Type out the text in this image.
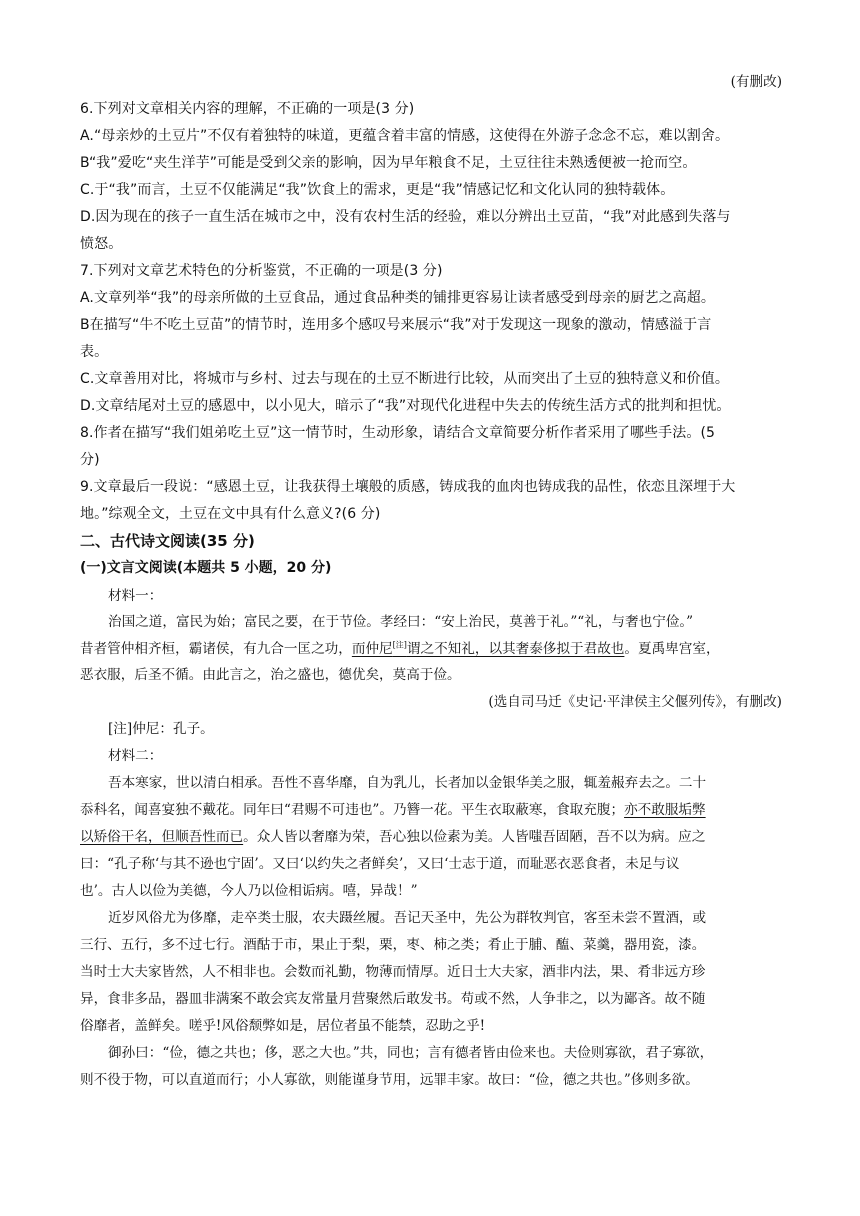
(有删改)
6.下列对文章相关内容的理解，不正确的一项是(3 分)
A.“母亲炒的土豆片”不仅有着独特的味道，更蕴含着丰富的情感，这使得在外游子念念不忘，难以割舍。
B“我”爱吃“夹生洋芋”可能是受到父亲的影响，因为早年粮食不足，土豆往往未熟透便被一抢而空。
C.于“我”而言，土豆不仅能满足“我”饮食上的需求，更是“我”情感记忆和文化认同的独特载体。
D.因为现在的孩子一直生活在城市之中，没有农村生活的经验，难以分辨出土豆苗，“我”对此感到失落与
愤怒。
7.下列对文章艺术特色的分析鉴赏，不正确的一项是(3 分)
A.文章列举“我”的母亲所做的土豆食品，通过食品种类的铺排更容易让读者感受到母亲的厨艺之高超。
B在描写“牛不吃土豆苗”的情节时，连用多个感叹号来展示“我”对于发现这一现象的激动，情感溢于言
表。
C.文章善用对比，将城市与乡村、过去与现在的土豆不断进行比较，从而突出了土豆的独特意义和价值。
D.文章结尾对土豆的感恩中，以小见大，暗示了“我”对现代化进程中失去的传统生活方式的批判和担忧。
8.作者在描写“我们姐弟吃土豆”这一情节时，生动形象，请结合文章简要分析作者采用了哪些手法。(5
分)
9.文章最后一段说：“感恩土豆，让我获得土壤般的质感，铸成我的血肉也铸成我的品性，依恋且深埋于大
地。”综观全文，土豆在文中具有什么意义?(6 分)
二、古代诗文阅读(35 分)
(一)文言文阅读(本题共 5 小题，20 分)
材料一：
治国之道，富民为始；富民之要，在于节俭。孝经曰：“安上治民，莫善于礼。”“礼，与奢也宁俭。”
昔者管仲相齐桓，霸诸侯，有九合一匡之功，而仲尼[注]谓之不知礼，以其奢泰侈拟于君故也。夏禹卑宫室，
恶衣服，后圣不循。由此言之，治之盛也，德优矣，莫高于俭。
(选自司马迁《史记·平津侯主父偃列传》，有删改)
[注]仲尼：孔子。
材料二：
吾本寒家，世以清白相承。吾性不喜华靡，自为乳儿，长者加以金银华美之服，辄羞赧弃去之。二十
忝科名，闻喜宴独不戴花。同年曰“君赐不可违也”。乃簪一花。平生衣取蔽寒，食取充腹；亦不敢服垢弊
以矫俗干名，但顺吾性而已。众人皆以奢靡为荣，吾心独以俭素为美。人皆嗤吾固陋，吾不以为病。应之
曰：“孔子称‘与其不逊也宁固’。又曰‘以约失之者鲜矣’，又曰‘士志于道，而耻恶衣恶食者，未足与议
也’。古人以俭为美德，今人乃以俭相诟病。嘻，异哉！”
近岁风俗尤为侈靡，走卒类士服，农夫蹑丝履。吾记天圣中，先公为群牧判官，客至未尝不置酒，或
三行、五行，多不过七行。酒酤于市，果止于梨，栗，枣、柿之类；肴止于脯、醢、菜羹，器用瓷，漆。
当时士大夫家皆然，人不相非也。会数而礼勤，物薄而情厚。近日士大夫家，酒非内法，果、肴非远方珍
异，食非多品，器皿非满案不敢会宾友常量月营聚然后敢发书。苟或不然，人争非之，以为鄙吝。故不随
俗靡者，盖鲜矣。嗟乎!风俗颓弊如是，居位者虽不能禁，忍助之乎!
御孙曰：“俭，德之共也；侈，恶之大也。”共，同也；言有德者皆由俭来也。夫俭则寡欲，君子寡欲，
则不役于物，可以直道而行；小人寡欲，则能谨身节用，远罪丰家。故曰：“俭，德之共也。”侈则多欲。
